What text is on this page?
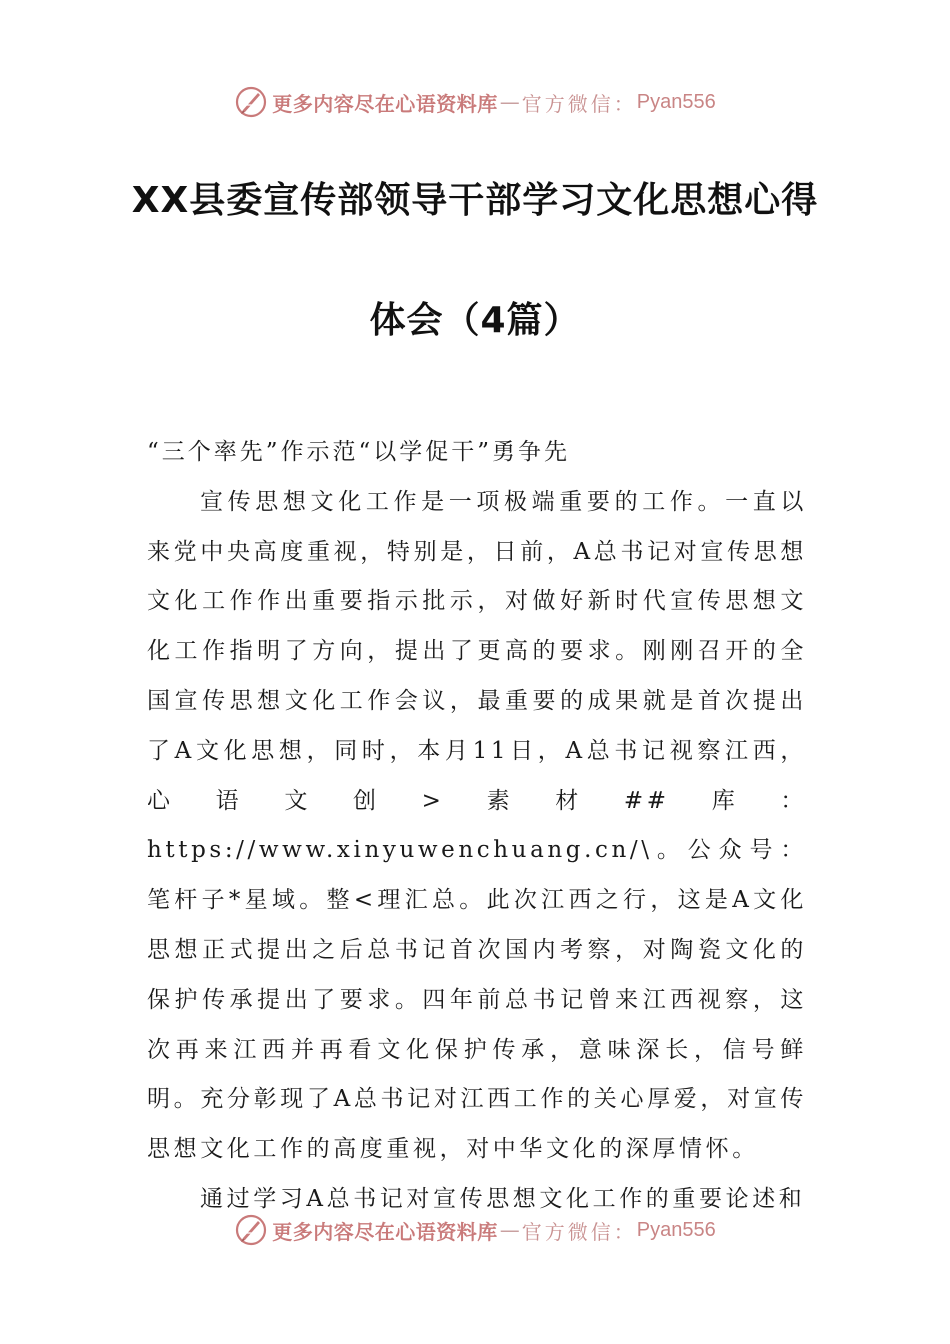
更多内容尽在心语资料库 — 官方微信： Pyan556
XX县委宣传部领导干部学习文化思想心得
体会（4篇）

“三个率先”作示范“以学促干”勇争先

宣传思想文化工作是一项极端重要的工作。一直以来党中央高度重视，特别是，日前，A总书记对宣传思想文化工作作出重要指示批示，对做好新时代宣传思想文化工作指明了方向，提出了更高的要求。刚刚召开的全国宣传思想文化工作会议，最重要的成果就是首次提出了A文化思想，同时，本月11日，A总书记视察江西，心语文创>素材##库：https://www.xinyuwenchuang.cn/\。公众号：笔杆子*星域。整<理汇总。此次江西之行，这是A文化思想正式提出之后总书记首次国内考察，对陶瓷文化的保护传承提出了要求。四年前总书记曾来江西视察，这次再来江西并再看文化保护传承，意味深长，信号鲜明。充分彰现了A总书记对江西工作的关心厚爱，对宣传思想文化工作的高度重视，对中华文化的深厚情怀。

通过学习A总书记对宣传思想文化工作的重要论述和

更多内容尽在心语资料库 — 官方微信： Pyan556
